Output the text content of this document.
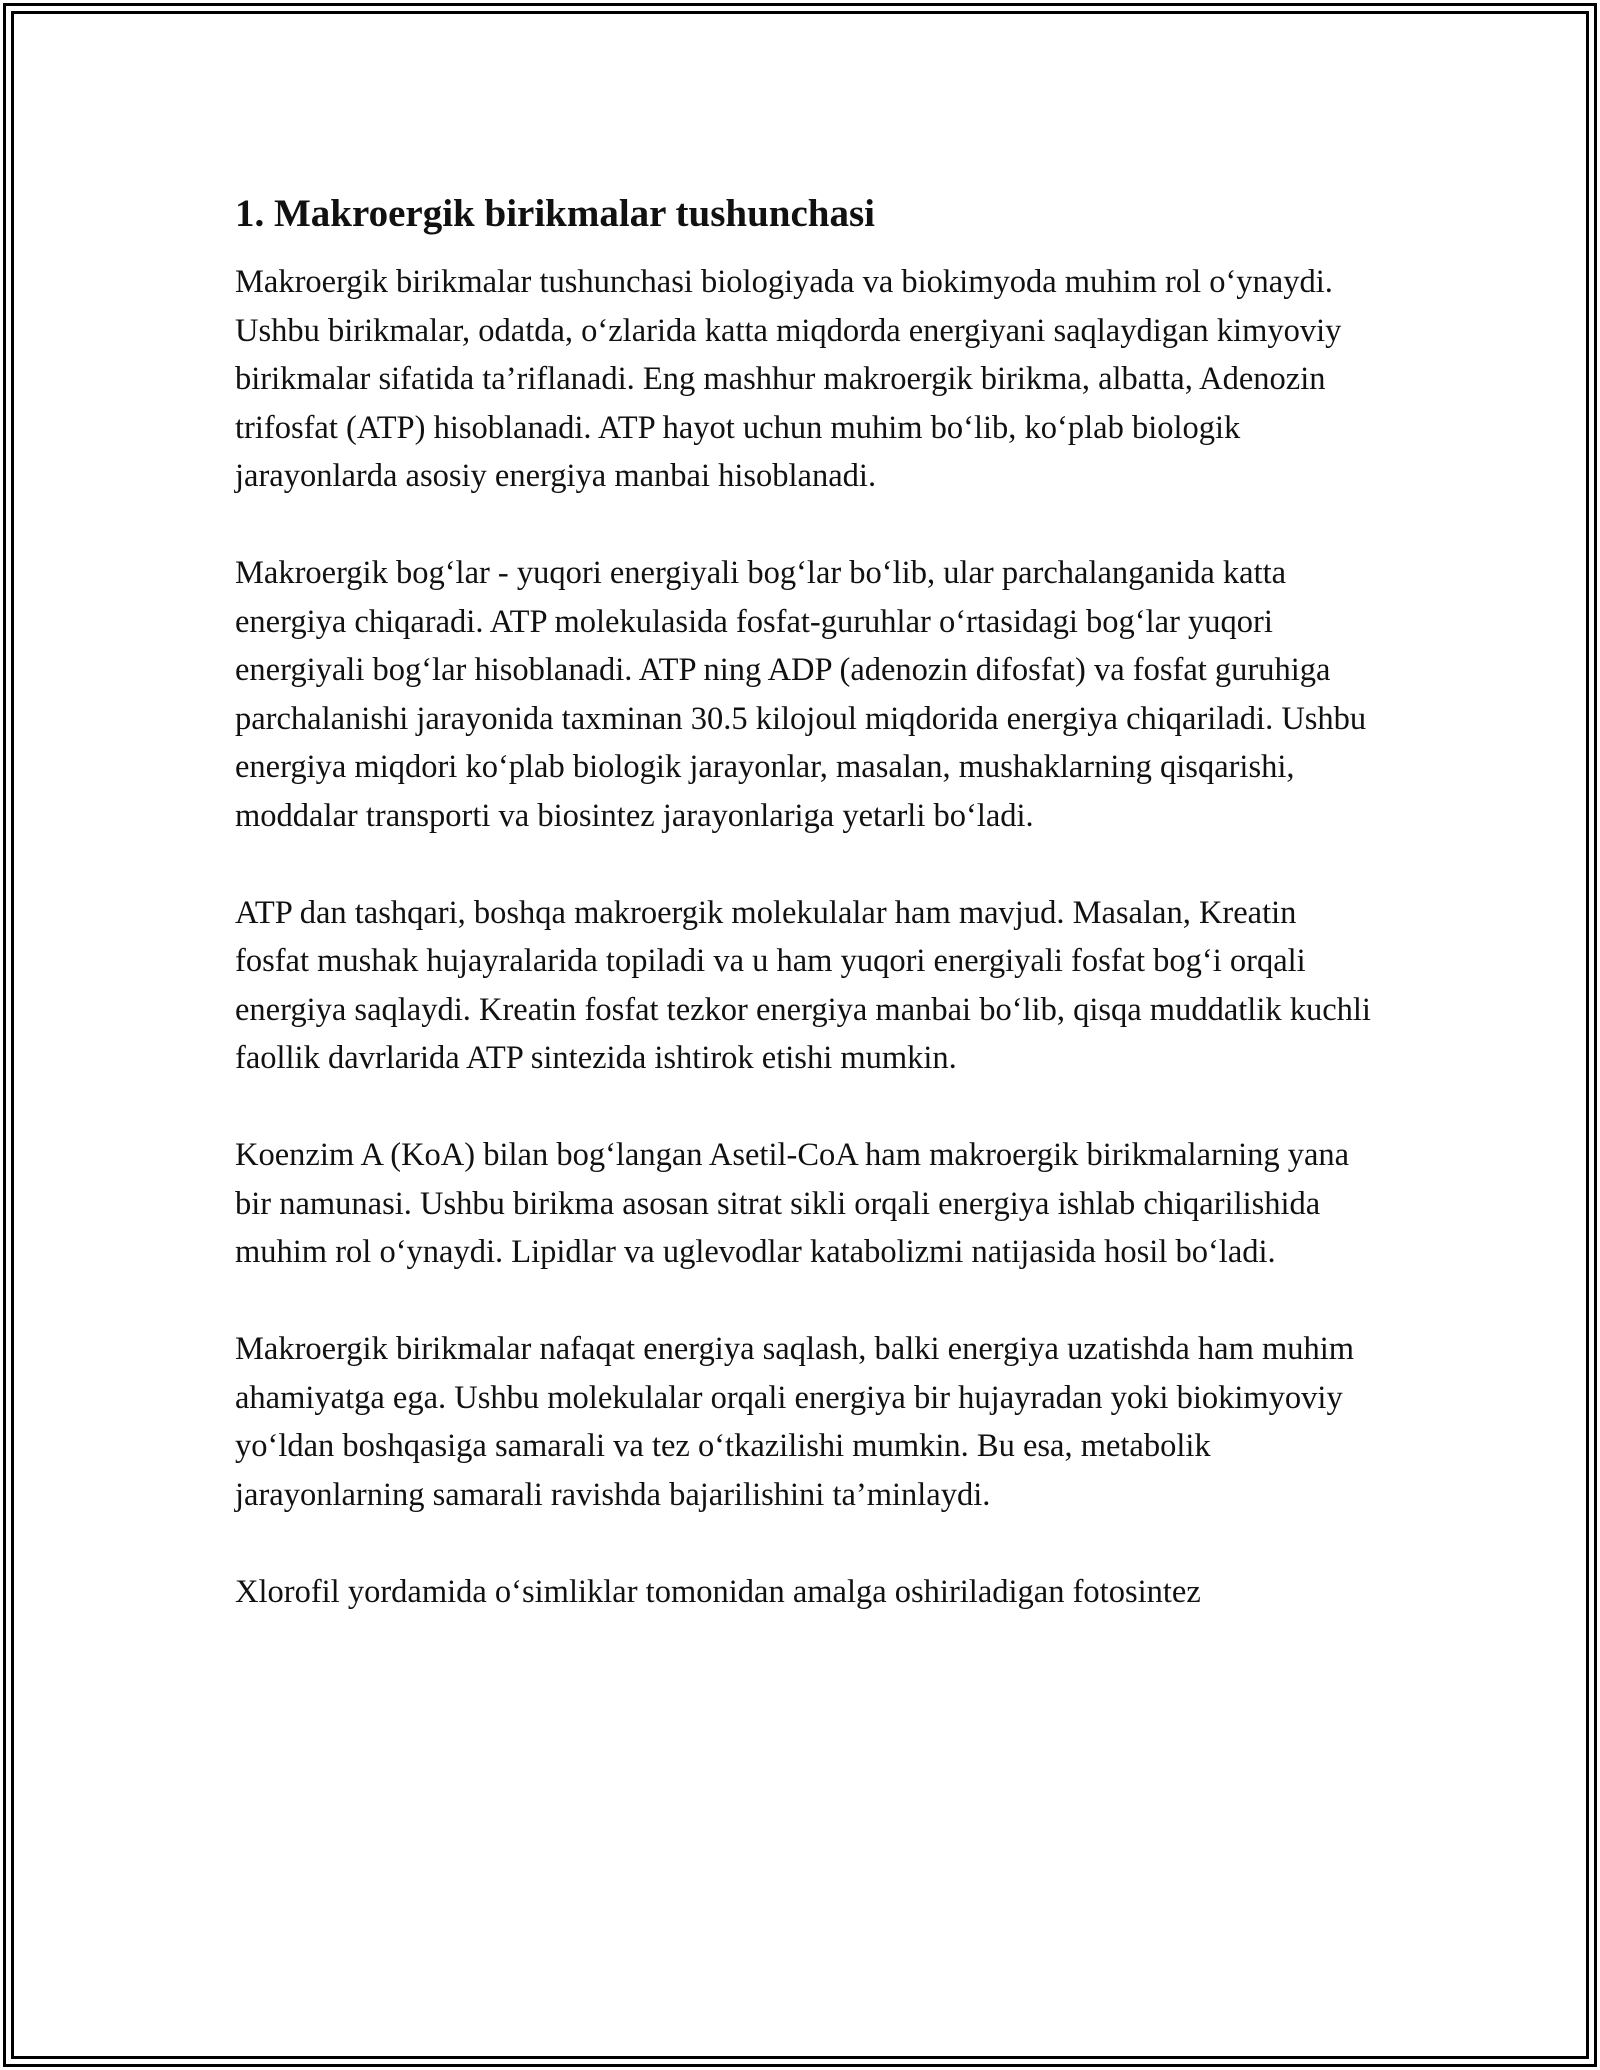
1. Makroergik birikmalar tushunchasi

Makroergik birikmalar tushunchasi biologiyada va biokimyoda muhim rol o‘ynaydi. Ushbu birikmalar, odatda, o‘zlarida katta miqdorda energiyani saqlaydigan kimyoviy birikmalar sifatida ta’riflanadi. Eng mashhur makroergik birikma, albatta, Adenozin trifosfat (ATP) hisoblanadi. ATP hayot uchun muhim bo‘lib, ko‘plab biologik jarayonlarda asosiy energiya manbai hisoblanadi.

Makroergik bog‘lar - yuqori energiyali bog‘lar bo‘lib, ular parchalanganida katta energiya chiqaradi. ATP molekulasida fosfat-guruhlar o‘rtasidagi bog‘lar yuqori energiyali bog‘lar hisoblanadi. ATP ning ADP (adenozin difosfat) va fosfat guruhiga parchalanishi jarayonida taxminan 30.5 kilojoul miqdorida energiya chiqariladi. Ushbu energiya miqdori ko‘plab biologik jarayonlar, masalan, mushaklarning qisqarishi, moddalar transporti va biosintez jarayonlariga yetarli bo‘ladi.

ATP dan tashqari, boshqa makroergik molekulalar ham mavjud. Masalan, Kreatin fosfat mushak hujayralarida topiladi va u ham yuqori energiyali fosfat bog‘i orqali energiya saqlaydi. Kreatin fosfat tezkor energiya manbai bo‘lib, qisqa muddatlik kuchli faollik davrlarida ATP sintezida ishtirok etishi mumkin.

Koenzim A (KoA) bilan bog‘langan Asetil-CoA ham makroergik birikmalarning yana bir namunasi. Ushbu birikma asosan sitrat sikli orqali energiya ishlab chiqarilishida muhim rol o‘ynaydi. Lipidlar va uglevodlar katabolizmi natijasida hosil bo‘ladi.

Makroergik birikmalar nafaqat energiya saqlash, balki energiya uzatishda ham muhim ahamiyatga ega. Ushbu molekulalar orqali energiya bir hujayradan yoki biokimyoviy yo‘ldan boshqasiga samarali va tez o‘tkazilishi mumkin. Bu esa, metabolik jarayonlarning samarali ravishda bajarilishini ta’minlaydi.

Xlorofil yordamida o‘simliklar tomonidan amalga oshiriladigan fotosintez
